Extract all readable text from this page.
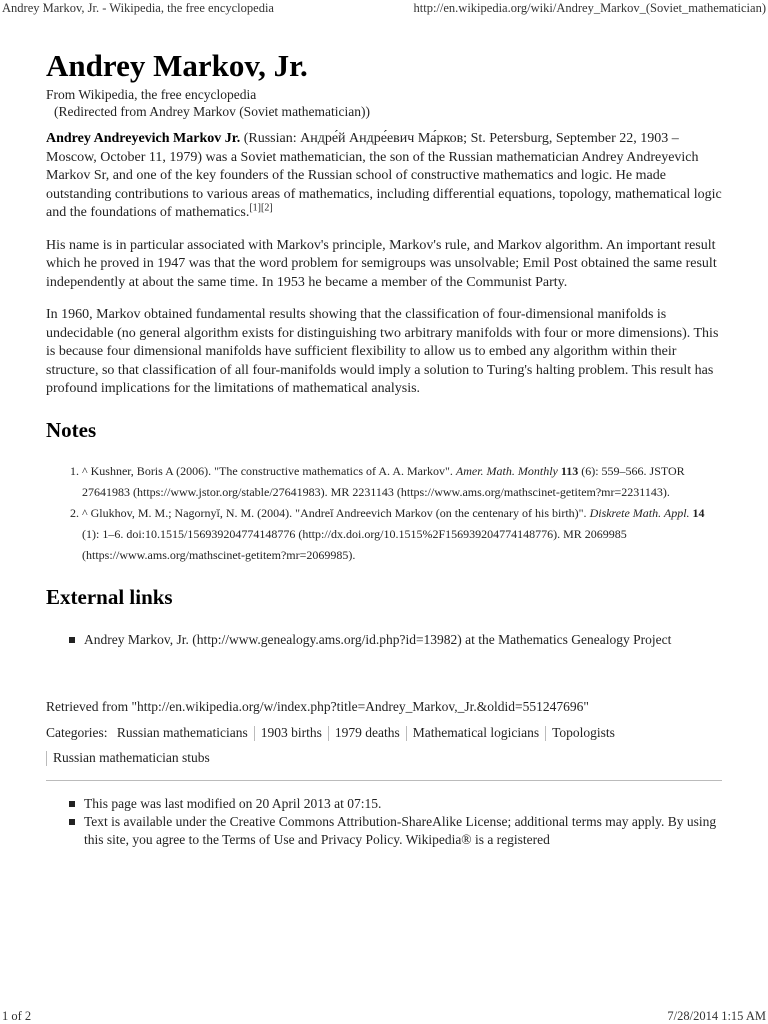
Andrey Markov, Jr. - Wikipedia, the free encyclopedia	http://en.wikipedia.org/wiki/Andrey_Markov_(Soviet_mathematician)
Andrey Markov, Jr.
From Wikipedia, the free encyclopedia
(Redirected from Andrey Markov (Soviet mathematician))

Andrey Andreyevich Markov Jr. (Russian: Андре́й Андре́евич Ма́рков; St. Petersburg, September 22, 1903 – Moscow, October 11, 1979) was a Soviet mathematician, the son of the Russian mathematician Andrey Andreyevich Markov Sr, and one of the key founders of the Russian school of constructive mathematics and logic. He made outstanding contributions to various areas of mathematics, including differential equations, topology, mathematical logic and the foundations of mathematics.[1][2]

His name is in particular associated with Markov's principle, Markov's rule, and Markov algorithm. An important result which he proved in 1947 was that the word problem for semigroups was unsolvable; Emil Post obtained the same result independently at about the same time. In 1953 he became a member of the Communist Party.

In 1960, Markov obtained fundamental results showing that the classification of four-dimensional manifolds is undecidable (no general algorithm exists for distinguishing two arbitrary manifolds with four or more dimensions). This is because four dimensional manifolds have sufficient flexibility to allow us to embed any algorithm within their structure, so that classification of all four-manifolds would imply a solution to Turing's halting problem. This result has profound implications for the limitations of mathematical analysis.

Notes
1. ^ Kushner, Boris A (2006). "The constructive mathematics of A. A. Markov". Amer. Math. Monthly 113 (6): 559–566. JSTOR 27641983 (https://www.jstor.org/stable/27641983). MR 2231143 (https://www.ams.org/mathscinet-getitem?mr=2231143).
2. ^ Glukhov, M. M.; Nagornyĭ, N. M. (2004). "Andreĭ Andreevich Markov (on the centenary of his birth)". Diskrete Math. Appl. 14 (1): 1–6. doi:10.1515/156939204774148776 (http://dx.doi.org/10.1515%2F156939204774148776). MR 2069985 (https://www.ams.org/mathscinet-getitem?mr=2069985).
External links
Andrey Markov, Jr. (http://www.genealogy.ams.org/id.php?id=13982) at the Mathematics Genealogy Project
Retrieved from "http://en.wikipedia.org/w/index.php?title=Andrey_Markov,_Jr.&oldid=551247696"
Categories: Russian mathematicians 1903 births 1979 deaths Mathematical logicians Topologists
Russian mathematician stubs
This page was last modified on 20 April 2013 at 07:15.
Text is available under the Creative Commons Attribution-ShareAlike License; additional terms may apply. By using this site, you agree to the Terms of Use and Privacy Policy. Wikipedia® is a registered
1 of 2	7/28/2014 1:15 AM
